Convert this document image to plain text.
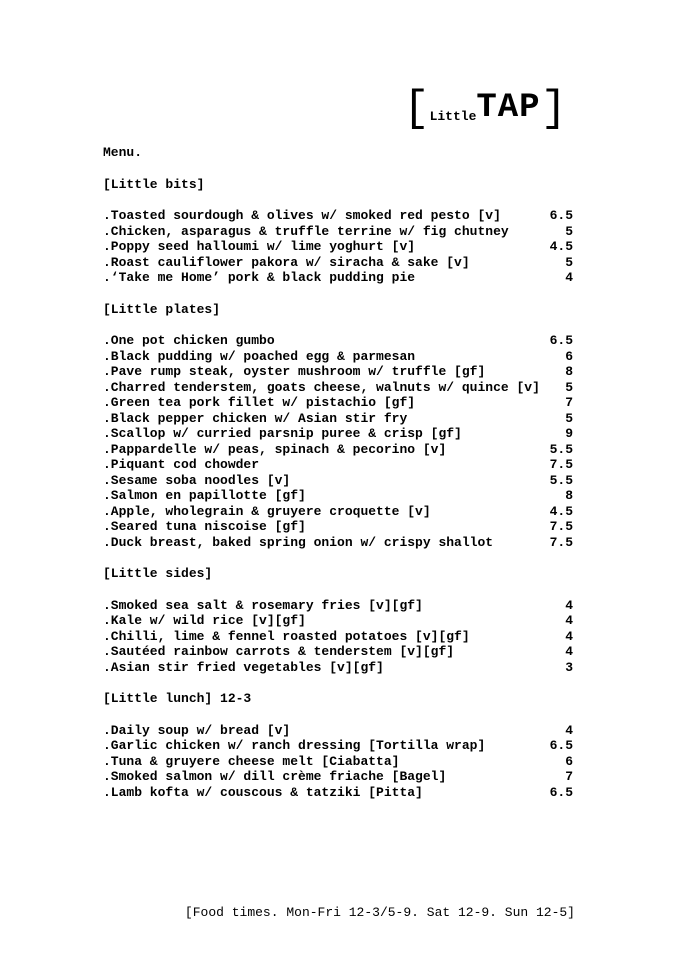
$[_{Little}TAP]$
Menu.
[Little bits]
.Toasted sourdough & olives w/ smoked red pesto [v]	6.5
.Chicken, asparagus & truffle terrine w/ fig chutney	5
.Poppy seed halloumi w/ lime yoghurt [v]	4.5
.Roast cauliflower pakora w/ siracha & sake [v]	5
.‘Take me Home’ pork & black pudding pie	4
[Little plates]
.One pot chicken gumbo	6.5
.Black pudding w/ poached egg & parmesan	6
.Pave rump steak, oyster mushroom w/ truffle [gf]	8
.Charred tenderstem, goats cheese, walnuts w/ quince [v] 5
.Green tea pork fillet w/ pistachio [gf]	7
.Black pepper chicken w/ Asian stir fry	5
.Scallop w/ curried parsnip puree & crisp [gf]	9
.Pappardelle w/ peas, spinach & pecorino [v]	5.5
.Piquant cod chowder	7.5
.Sesame soba noodles [v]	5.5
.Salmon en papillotte [gf]	8
.Apple, wholegrain & gruyere croquette [v]	4.5
.Seared tuna niscoise [gf]	7.5
.Duck breast, baked spring onion w/ crispy shallot	7.5
[Little sides]
.Smoked sea salt & rosemary fries [v][gf]	4
.Kale w/ wild rice [v][gf]	4
.Chilli, lime & fennel roasted potatoes [v][gf]	4
.Sautéed rainbow carrots & tenderstem [v][gf]	4
.Asian stir fried vegetables [v][gf]	3
[Little lunch] 12-3
.Daily soup w/ bread [v]	4
.Garlic chicken w/ ranch dressing [Tortilla wrap]	6.5
.Tuna & gruyere cheese melt [Ciabatta]	6
.Smoked salmon w/ dill crème friache [Bagel]	7
.Lamb kofta w/ couscous & tatziki [Pitta]	6.5
[Food times. Mon-Fri 12-3/5-9. Sat 12-9. Sun 12-5]
